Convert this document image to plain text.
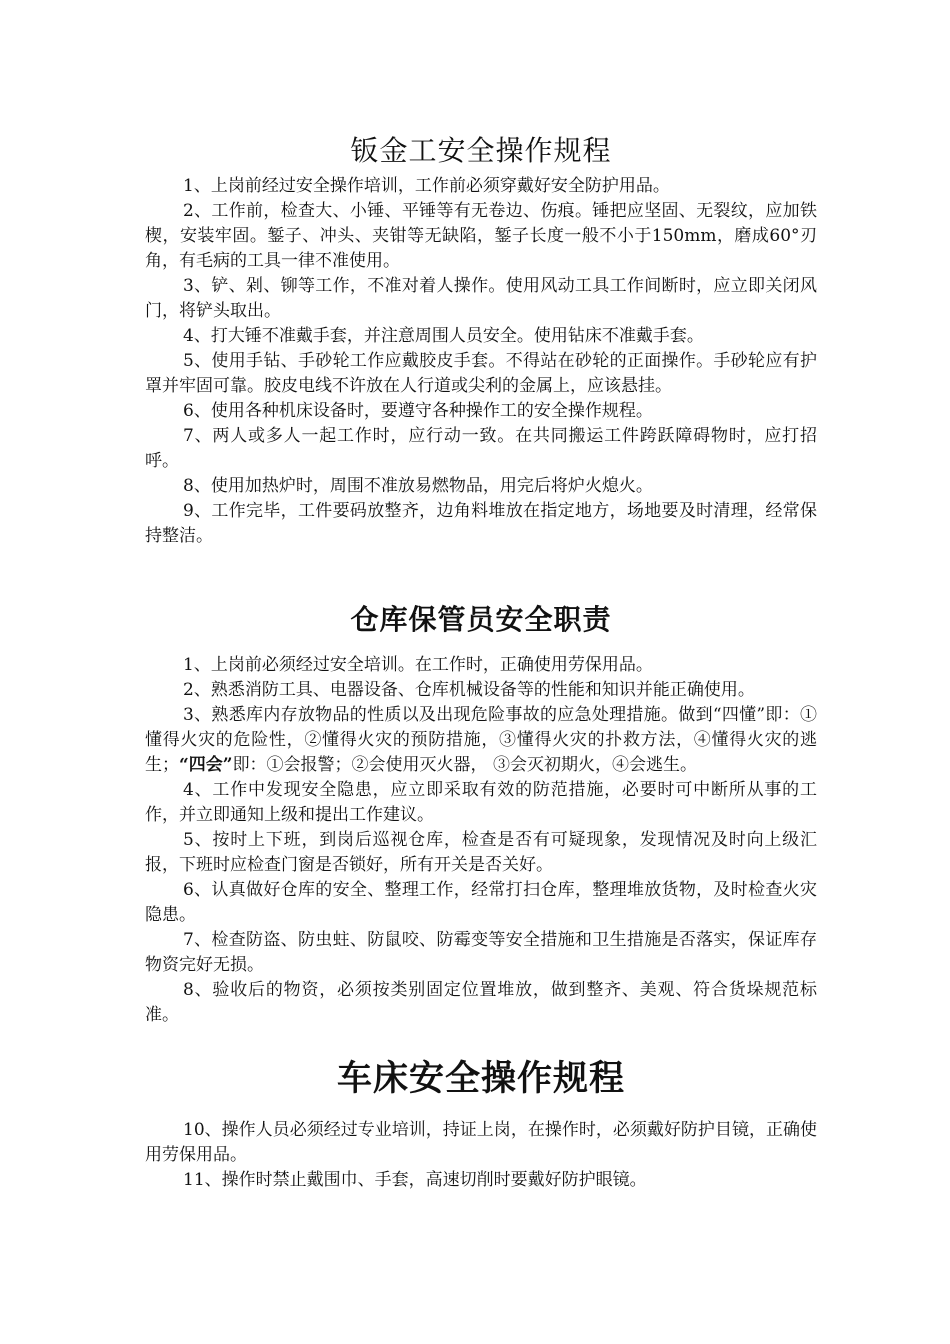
钣金工安全操作规程

1、上岗前经过安全操作培训，工作前必须穿戴好安全防护用品。

2、工作前，检查大、小锤、平锤等有无卷边、伤痕。锤把应坚固、无裂纹，应加铁楔，安装牢固。錾子、冲头、夹钳等无缺陷，錾子长度一般不小于150mm，磨成60°刃角，有毛病的工具一律不准使用。

3、铲、剁、铆等工作，不准对着人操作。使用风动工具工作间断时，应立即关闭风门，将铲头取出。

4、打大锤不准戴手套，并注意周围人员安全。使用钻床不准戴手套。

5、使用手钻、手砂轮工作应戴胶皮手套。不得站在砂轮的正面操作。手砂轮应有护罩并牢固可靠。胶皮电线不许放在人行道或尖利的金属上，应该悬挂。

6、使用各种机床设备时，要遵守各种操作工的安全操作规程。

7、两人或多人一起工作时，应行动一致。在共同搬运工件跨跃障碍物时，应打招呼。

8、使用加热炉时，周围不准放易燃物品，用完后将炉火熄火。

9、工作完毕，工件要码放整齐，边角料堆放在指定地方，场地要及时清理，经常保持整洁。

仓库保管员安全职责

1、上岗前必须经过安全培训。在工作时，正确使用劳保用品。

2、熟悉消防工具、电器设备、仓库机械设备等的性能和知识并能正确使用。

3、熟悉库内存放物品的性质以及出现危险事故的应急处理措施。做到“四懂”即：①懂得火灾的危险性，②懂得火灾的预防措施，③懂得火灾的扑救方法，④懂得火灾的逃生；“四会”即：①会报警；②会使用灭火器， ③会灭初期火，④会逃生。

4、工作中发现安全隐患，应立即采取有效的防范措施，必要时可中断所从事的工作，并立即通知上级和提出工作建议。

5、按时上下班，到岗后巡视仓库，检查是否有可疑现象，发现情况及时向上级汇报，下班时应检查门窗是否锁好，所有开关是否关好。

6、认真做好仓库的安全、整理工作，经常打扫仓库，整理堆放货物，及时检查火灾隐患。

7、检查防盗、防虫蛀、防鼠咬、防霉变等安全措施和卫生措施是否落实，保证库存物资完好无损。

8、验收后的物资，必须按类别固定位置堆放，做到整齐、美观、符合货垛规范标准。

车床安全操作规程

10、操作人员必须经过专业培训，持证上岗，在操作时，必须戴好防护目镜，正确使用劳保用品。

11、操作时禁止戴围巾、手套，高速切削时要戴好防护眼镜。
